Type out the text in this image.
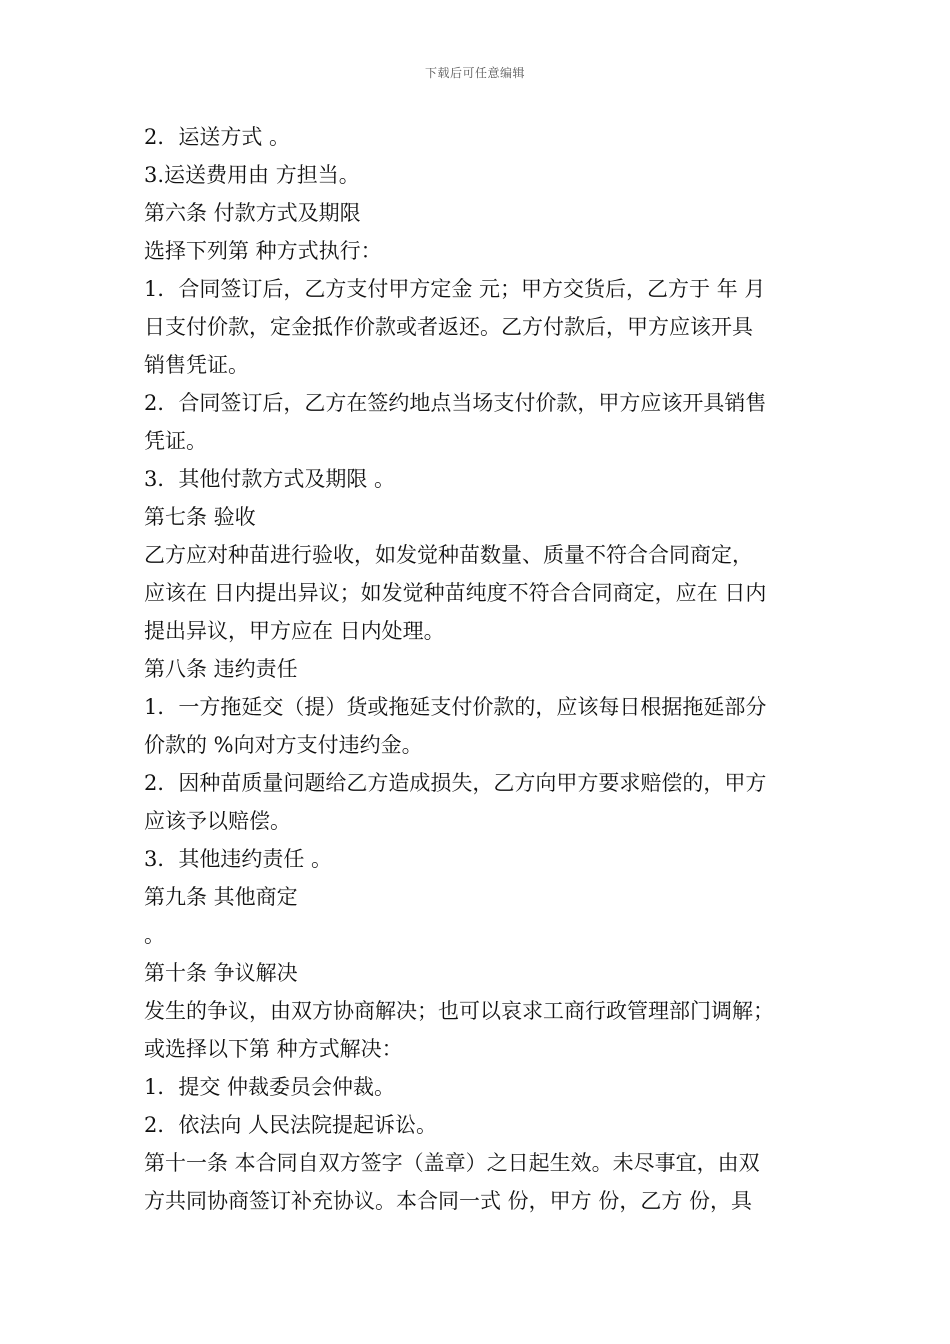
下载后可任意编辑
2．运送方式 。
3.运送费用由 方担当。
第六条 付款方式及期限
选择下列第 种方式执行：
1．合同签订后，乙方支付甲方定金 元；甲方交货后，乙方于 年 月
日支付价款，定金抵作价款或者返还。乙方付款后，甲方应该开具
销售凭证。
2．合同签订后，乙方在签约地点当场支付价款，甲方应该开具销售
凭证。
3．其他付款方式及期限 。
第七条 验收
乙方应对种苗进行验收，如发觉种苗数量、质量不符合合同商定，
应该在 日内提出异议；如发觉种苗纯度不符合合同商定，应在 日内
提出异议，甲方应在 日内处理。
第八条 违约责任
1．一方拖延交（提）货或拖延支付价款的，应该每日根据拖延部分
价款的 %向对方支付违约金。
2．因种苗质量问题给乙方造成损失，乙方向甲方要求赔偿的，甲方
应该予以赔偿。
3．其他违约责任 。
第九条 其他商定
。
第十条 争议解决
发生的争议，由双方协商解决；也可以哀求工商行政管理部门调解；
或选择以下第 种方式解决：
1．提交 仲裁委员会仲裁。
2．依法向 人民法院提起诉讼。
第十一条 本合同自双方签字（盖章）之日起生效。未尽事宜，由双
方共同协商签订补充协议。本合同一式 份，甲方 份，乙方 份，具
